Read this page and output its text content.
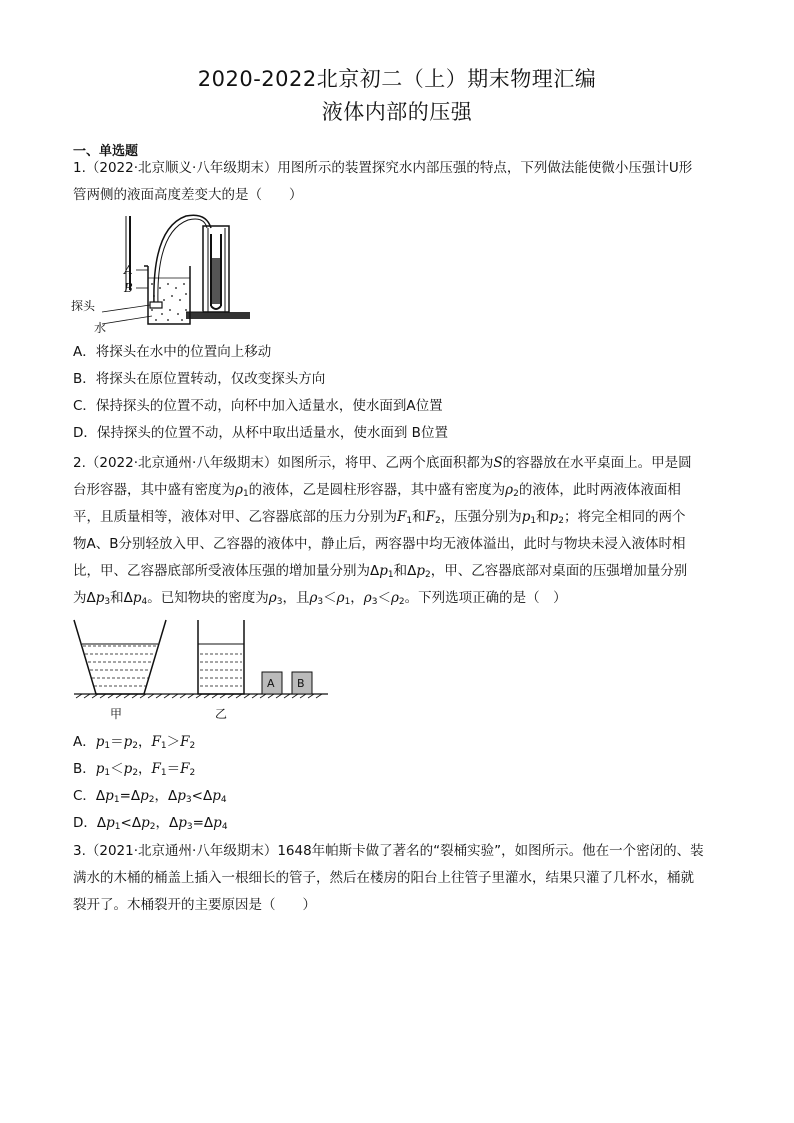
2020-2022北京初二（上）期末物理汇编
液体内部的压强
一、单选题
1.（2022·北京顺义·八年级期末）用图所示的装置探究水内部压强的特点，下列做法能使微小压强计U形
管两侧的液面高度差变大的是（　　）
A
B
探头
水
A．将探头在水中的位置向上移动
B．将探头在原位置转动，仅改变探头方向
C．保持探头的位置不动，向杯中加入适量水，使水面到A位置
D．保持探头的位置不动，从杯中取出适量水，使水面到 B位置
2.（2022·北京通州·八年级期末）如图所示，将甲、乙两个底面积都为S的容器放在水平桌面上。甲是圆
台形容器，其中盛有密度为$\rho_1$的液体，乙是圆柱形容器，其中盛有密度为$\rho_2$的液体，此时两液体液面相
平，且质量相等，液体对甲、乙容器底部的压力分别为$F_1$和$F_2$，压强分别为$p_1$和$p_2$；将完全相同的两个
物A、B分别轻放入甲、乙容器的液体中，静止后，两容器中均无液体溢出，此时与物块未浸入液体时相
比，甲、乙容器底部所受液体压强的增加量分别为$\Delta p_1$和$\Delta p_2$，甲、乙容器底部对桌面的压强增加量分别
为$\Delta p_3$和$\Delta p_4$。已知物块的密度为$\rho_3$，且$\rho_3<\rho_1$，$\rho_3<\rho_2$。下列选项正确的是（　）
A B
甲	乙
A．$p_1=p_2$，$F_1>F_2$
B．$p_1<p_2$，$F_1=F_2$
C．$\Delta p_1=\Delta p_2$，$\Delta p_3<\Delta p_4$
D．$\Delta p_1<\Delta p_2$，$\Delta p_3=\Delta p_4$
3.（2021·北京通州·八年级期末）1648年帕斯卡做了著名的“裂桶实验”，如图所示。他在一个密闭的、装
满水的木桶的桶盖上插入一根细长的管子，然后在楼房的阳台上往管子里灌水，结果只灌了几杯水，桶就
裂开了。木桶裂开的主要原因是（　　）
